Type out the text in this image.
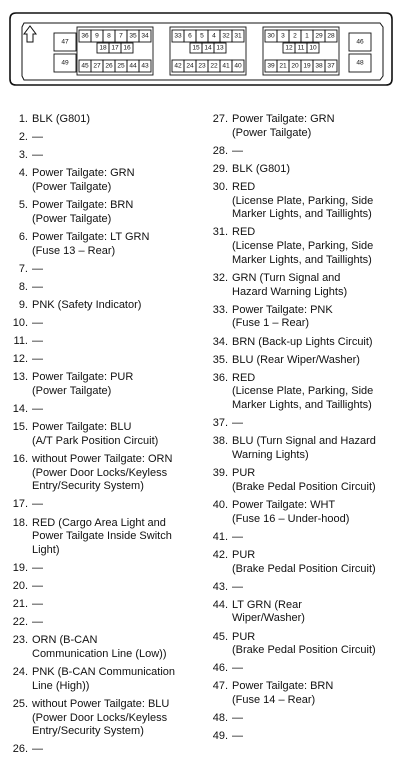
36 9 8 7 35 34
18 17 16
45 27 26 25 44 43
33 6 5 4 32 31
15 14 13
42 24 23 22 41 40
30 3 2 1 29 28
12 11 10
39 21 20 19 38 37
47
49
46
48
1. BLK (G801)
2. —
3. —
4. Power Tailgate: GRN
(Power Tailgate)
5. Power Tailgate: BRN
(Power Tailgate)
6. Power Tailgate: LT GRN
(Fuse 13 – Rear)
7. —
8. —
9. PNK (Safety Indicator)
10. —
11. —
12. —
13. Power Tailgate: PUR
(Power Tailgate)
14. —
15. Power Tailgate: BLU
(A/T Park Position Circuit)
16. without Power Tailgate: ORN
(Power Door Locks/Keyless
Entry/Security System)
17. —
18. RED (Cargo Area Light and
Power Tailgate Inside Switch
Light)
19. —
20. —
21. —
22. —
23. ORN (B-CAN
Communication Line (Low))
24. PNK (B-CAN Communication
Line (High))
25. without Power Tailgate: BLU
(Power Door Locks/Keyless
Entry/Security System)
26. —
27. Power Tailgate: GRN
(Power Tailgate)
28. —
29. BLK (G801)
30. RED
(License Plate, Parking, Side
Marker Lights, and Taillights)
31. RED
(License Plate, Parking, Side
Marker Lights, and Taillights)
32. GRN (Turn Signal and
Hazard Warning Lights)
33. Power Tailgate: PNK
(Fuse 1 – Rear)
34. BRN (Back-up Lights Circuit)
35. BLU (Rear Wiper/Washer)
36. RED
(License Plate, Parking, Side
Marker Lights, and Taillights)
37. —
38. BLU (Turn Signal and Hazard
Warning Lights)
39. PUR
(Brake Pedal Position Circuit)
40. Power Tailgate: WHT
(Fuse 16 – Under-hood)
41. —
42. PUR
(Brake Pedal Position Circuit)
43. —
44. LT GRN (Rear
Wiper/Washer)
45. PUR
(Brake Pedal Position Circuit)
46. —
47. Power Tailgate: BRN
(Fuse 14 – Rear)
48. —
49. —
